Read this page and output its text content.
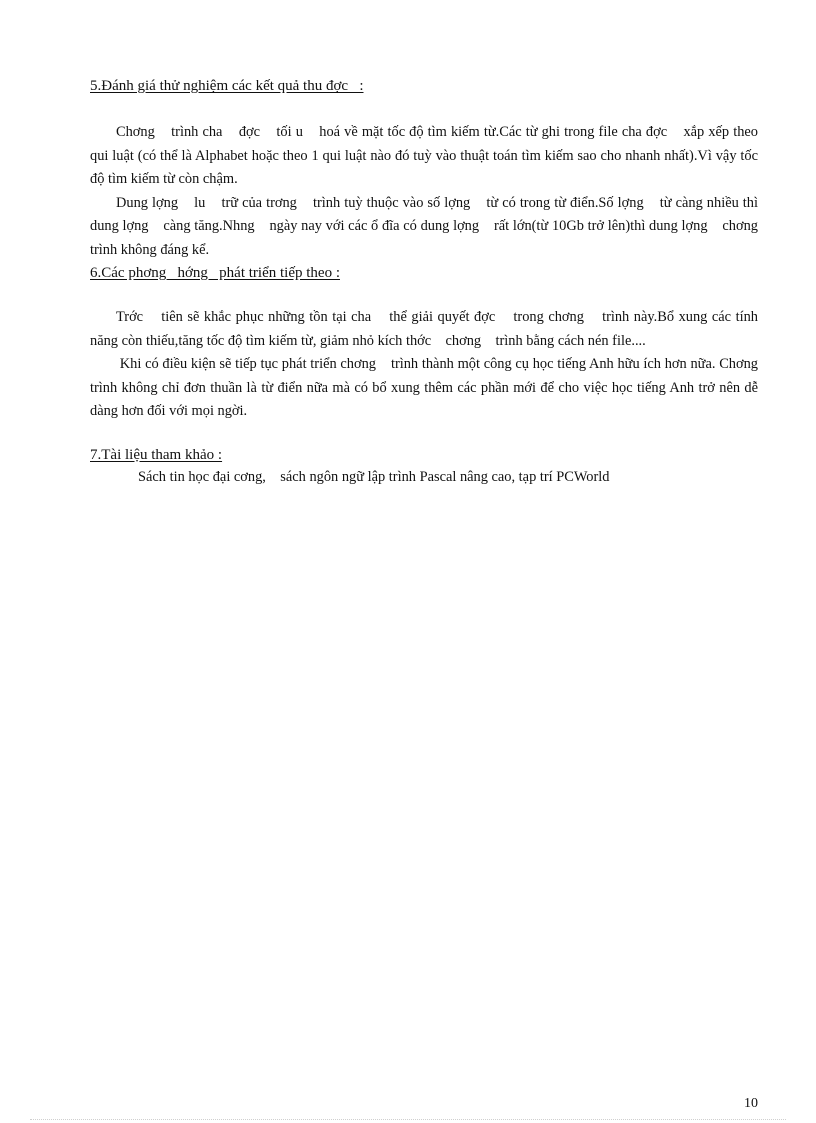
5.Đánh giá thử nghiệm các kết quả thu đợc   :

Chơng    trình cha    đợc    tối u    hoá về mặt tốc độ tìm kiếm từ.Các từ ghi trong file cha đợc    xắp xếp theo qui luật (có thể là Alphabet hoặc theo 1 qui luật nào đó tuỳ vào thuật toán tìm kiếm sao cho nhanh nhất).Vì vậy tốc độ tìm kiếm từ còn chậm.

Dung lợng    lu    trữ của trơng    trình tuỳ thuộc vào số lợng    từ có trong từ điển.Số lợng    từ càng nhiều thì dung lợng    càng tăng.Nhng    ngày nay với các ổ đĩa có dung lợng    rất lớn(từ 10Gb trở lên)thì dung lợng    chơng    trình không đáng kể.

6.Các phơng   hớng   phát triển tiếp theo :

Trớc    tiên sẽ khắc phục những tồn tại cha    thể giải quyết đợc    trong chơng    trình này.Bổ xung các tính năng còn thiếu,tăng tốc độ tìm kiếm từ, giảm nhỏ kích thớc    chơng    trình bằng cách nén file....

Khi có điều kiện sẽ tiếp tục phát triển chơng    trình thành một công cụ học tiếng Anh hữu ích hơn nữa. Chơng    trình không chỉ đơn thuần là từ điển nữa mà có bổ xung thêm các phần mới để cho việc học tiếng Anh trở nên dễ dàng hơn đối với mọi ngời.

7.Tài liệu tham khảo :

Sách tin học đại cơng,    sách ngôn ngữ lập trình Pascal nâng cao, tạp trí PCWorld

10
